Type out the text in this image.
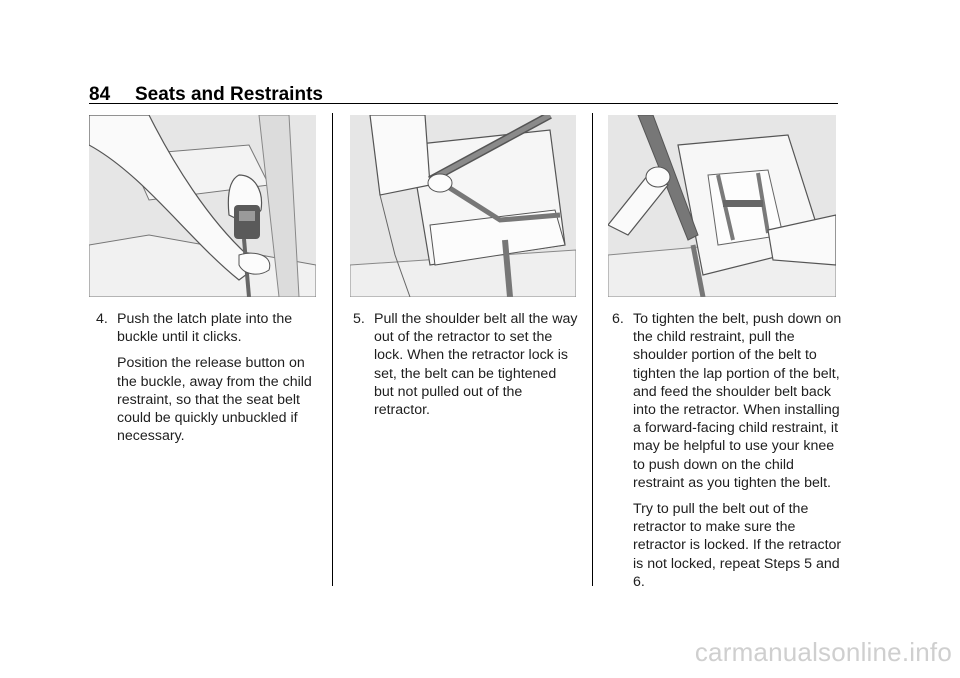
84 Seats and Restraints
4. Push the latch plate into the buckle until it clicks.
Position the release button on the buckle, away from the child restraint, so that the seat belt could be quickly unbuckled if necessary.
5. Pull the shoulder belt all the way out of the retractor to set the lock. When the retractor lock is set, the belt can be tightened but not pulled out of the retractor.
6. To tighten the belt, push down on the child restraint, pull the shoulder portion of the belt to tighten the lap portion of the belt, and feed the shoulder belt back into the retractor. When installing a forward-facing child restraint, it may be helpful to use your knee to push down on the child restraint as you tighten the belt.
Try to pull the belt out of the retractor to make sure the retractor is locked. If the retractor is not locked, repeat Steps 5 and 6.
carmanualsonline.info
